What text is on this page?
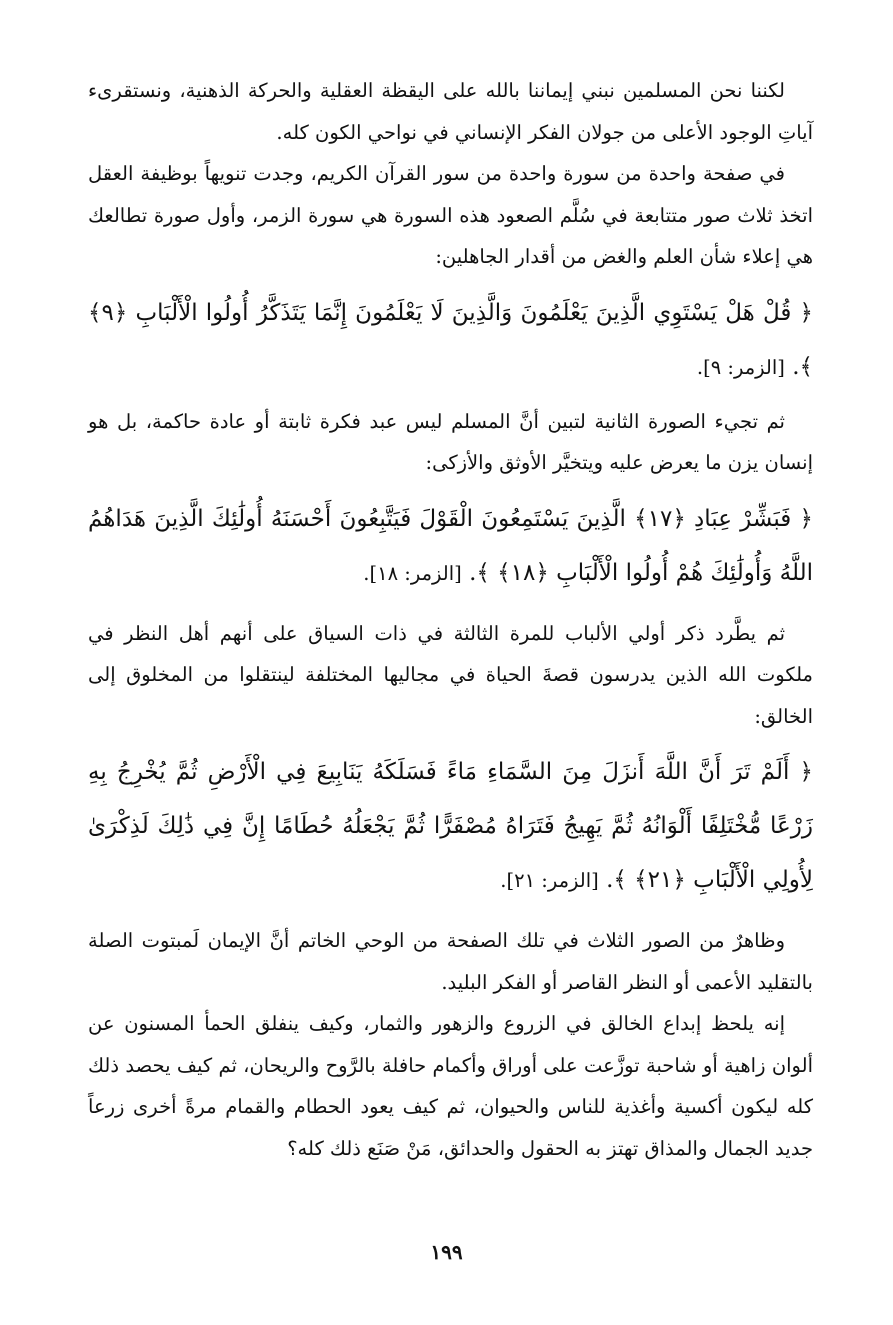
لكننا نحن المسلمين نبني إيماننا بالله على اليقظة العقلية والحركة الذهنية، ونستقرىء آياتِ الوجود الأعلى من جولان الفكر الإنساني في نواحي الكون كله.

في صفحة واحدة من سورة واحدة من سور القرآن الكريم، وجدت تنويهاً بوظيفة العقل اتخذ ثلاث صور متتابعة في سُلَّم الصعود هذه السورة هي سورة الزمر، وأول صورة تطالعك هي إعلاء شأن العلم والغض من أقدار الجاهلين:

﴿ قُلْ هَلْ يَسْتَوِي الَّذِينَ يَعْلَمُونَ وَالَّذِينَ لَا يَعْلَمُونَ إِنَّمَا يَتَذَكَّرُ أُولُوا الْأَلْبَابِ ﴿٩﴾ ﴾. [الزمر: ٩].

ثم تجيء الصورة الثانية لتبين أنَّ المسلم ليس عبد فكرة ثابتة أو عادة حاكمة، بل هو إنسان يزن ما يعرض عليه ويتخيَّر الأوثق والأزكى:

﴿ فَبَشِّرْ عِبَادِ ﴿١٧﴾ الَّذِينَ يَسْتَمِعُونَ الْقَوْلَ فَيَتَّبِعُونَ أَحْسَنَهُ أُولَٰئِكَ الَّذِينَ هَدَاهُمُ اللَّهُ وَأُولَٰئِكَ هُمْ أُولُوا الْأَلْبَابِ ﴿١٨﴾ ﴾. [الزمر: ١٨].

ثم يطَّرد ذكر أولي الألباب للمرة الثالثة في ذات السياق على أنهم أهل النظر في ملكوت الله الذين يدرسون قصةَ الحياة في مجاليها المختلفة لينتقلوا من المخلوق إلى الخالق:

﴿ أَلَمْ تَرَ أَنَّ اللَّهَ أَنزَلَ مِنَ السَّمَاءِ مَاءً فَسَلَكَهُ يَنَابِيعَ فِي الْأَرْضِ ثُمَّ يُخْرِجُ بِهِ زَرْعًا مُّخْتَلِفًا أَلْوَانُهُ ثُمَّ يَهِيجُ فَتَرَاهُ مُصْفَرًّا ثُمَّ يَجْعَلُهُ حُطَامًا إِنَّ فِي ذَٰلِكَ لَذِكْرَىٰ لِأُولِي الْأَلْبَابِ ﴿٢١﴾ ﴾. [الزمر: ٢١].

وظاهرٌ من الصور الثلاث في تلك الصفحة من الوحي الخاتم أنَّ الإيمان لَمبتوت الصلة بالتقليد الأعمى أو النظر القاصر أو الفكر البليد.

إنه يلحظ إبداع الخالق في الزروع والزهور والثمار، وكيف ينفلق الحمأ المسنون عن ألوان زاهية أو شاحبة توزَّعت على أوراق وأكمام حافلة بالرَّوح والريحان، ثم كيف يحصد ذلك كله ليكون أكسية وأغذية للناس والحيوان، ثم كيف يعود الحطام والقمام مرةً أخرى زرعاً جديد الجمال والمذاق تهتز به الحقول والحدائق، مَنْ صَنَع ذلك كله؟

١٩٩
